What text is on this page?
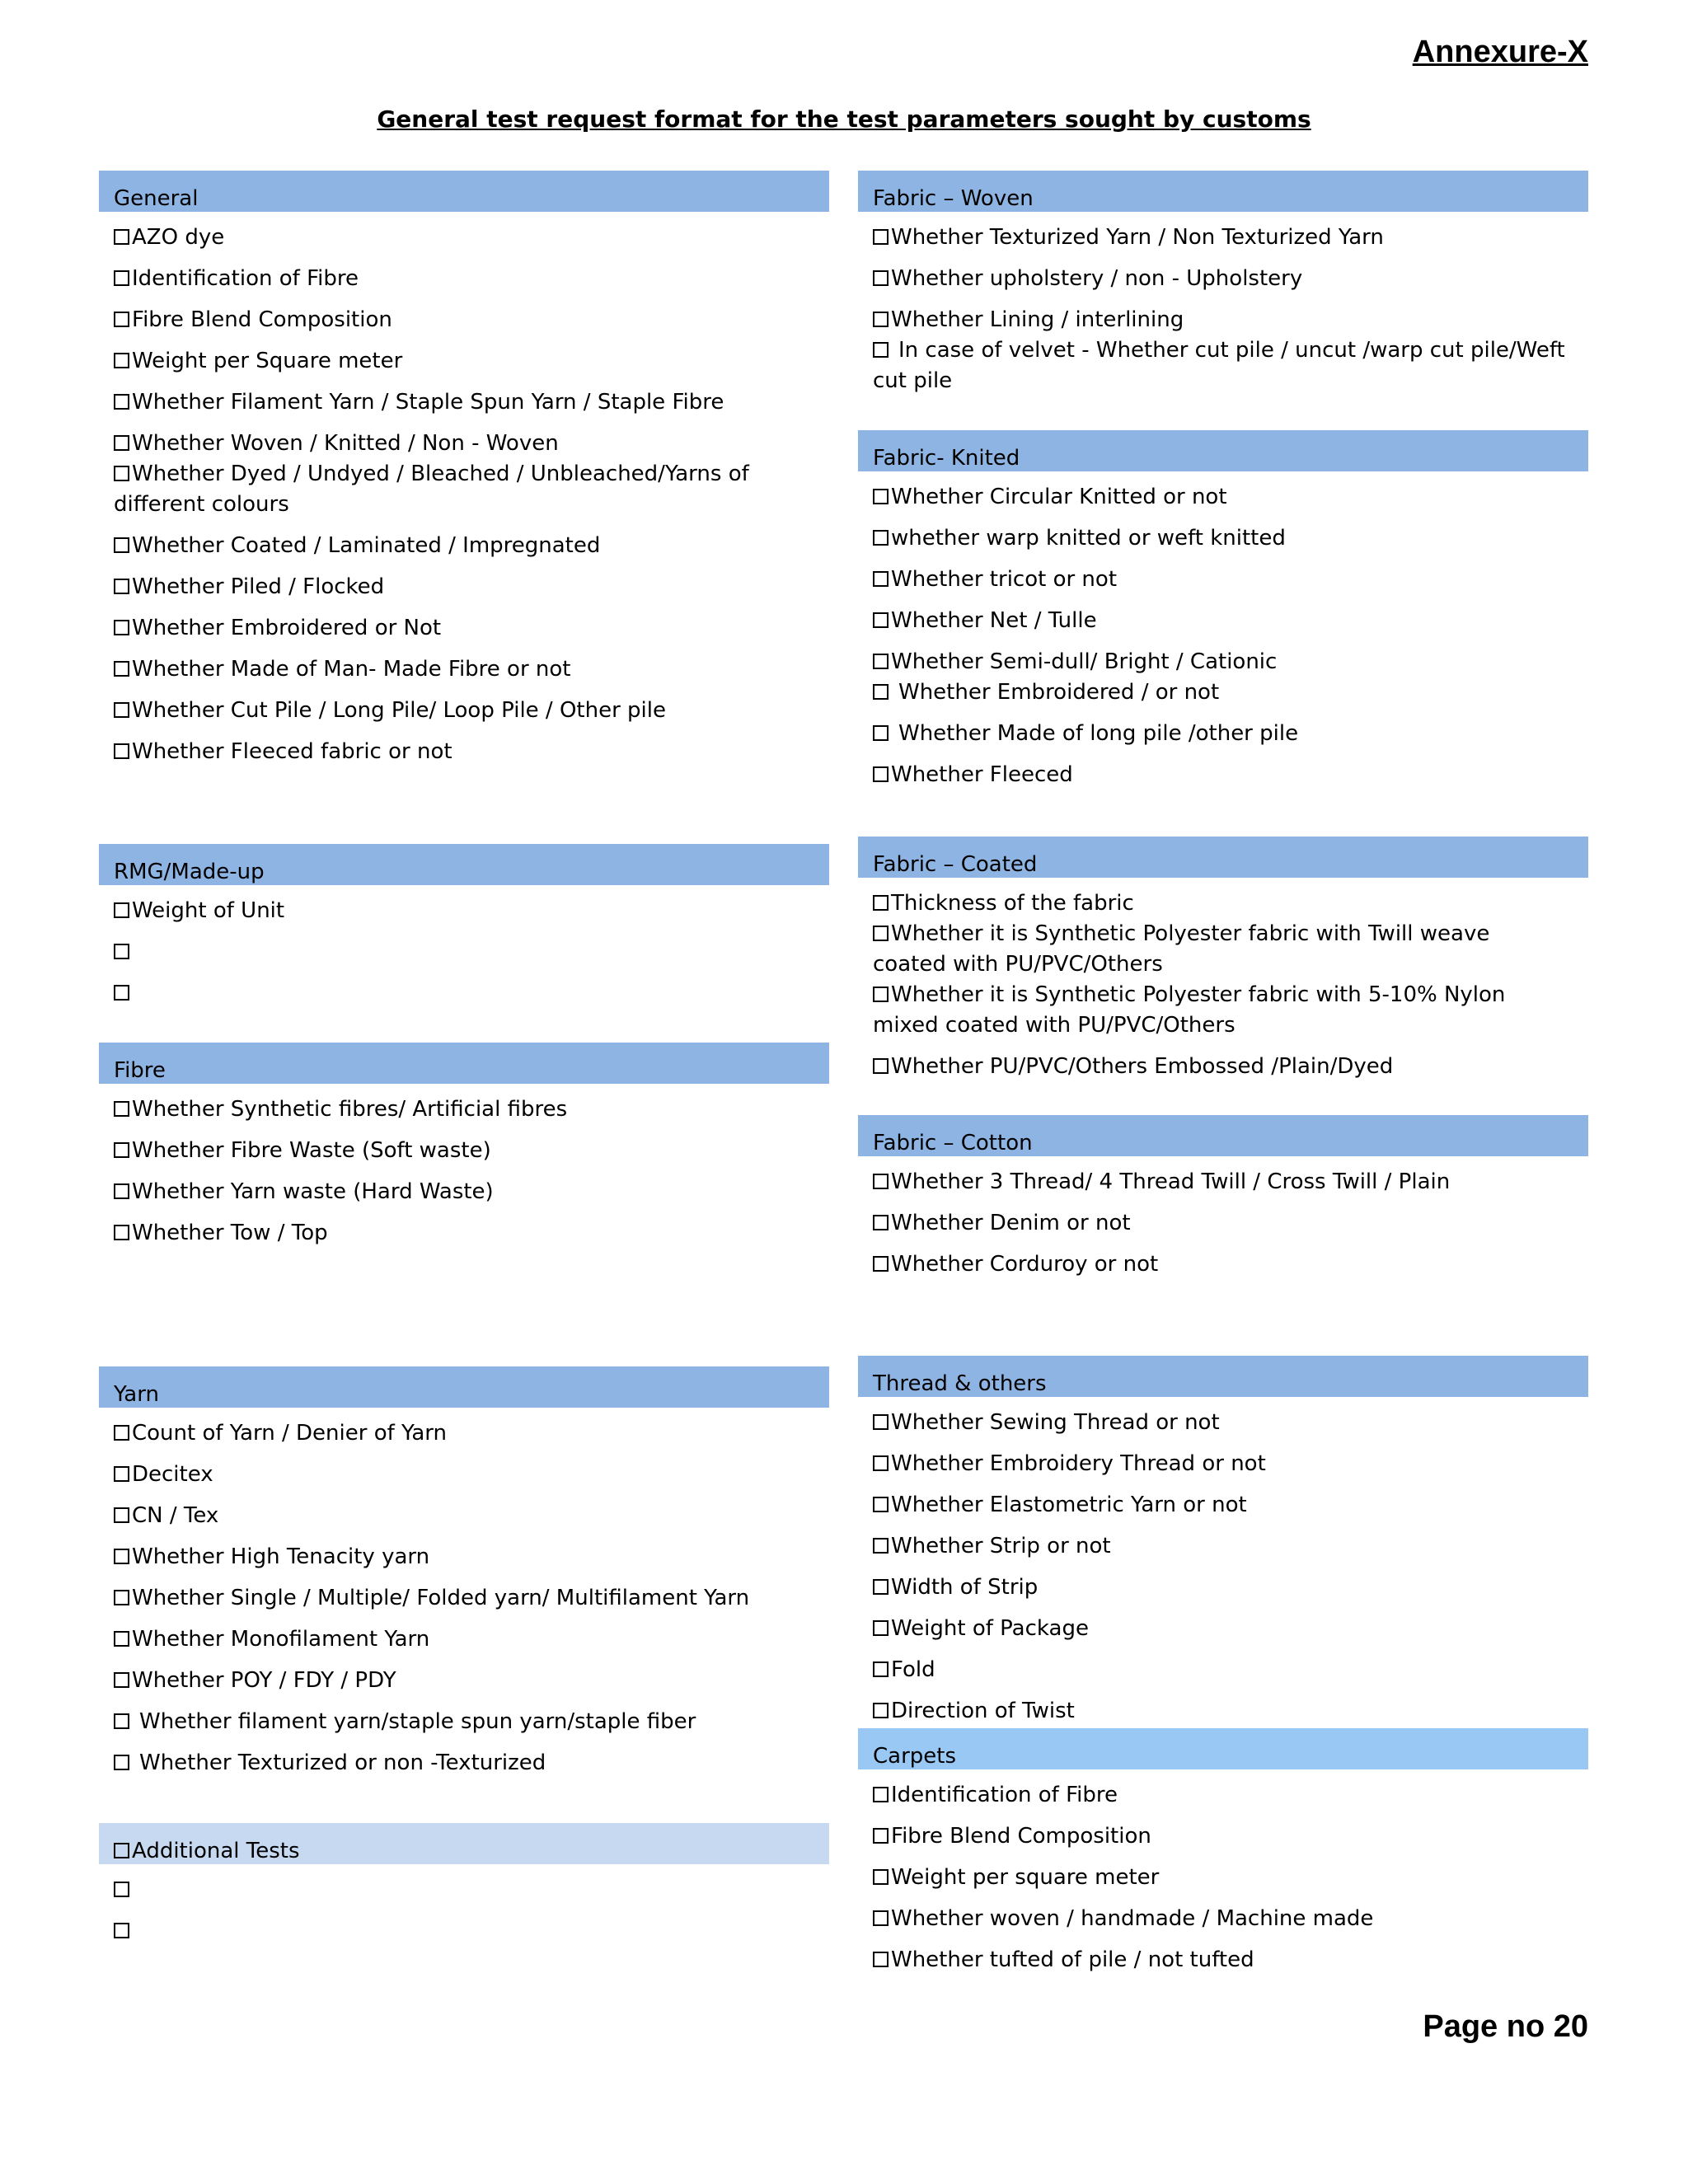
Annexure-X
General test request format for the test parameters sought by customs
General
AZO dye
Identification of Fibre
Fibre Blend Composition
Weight per Square meter
Whether Filament Yarn / Staple Spun Yarn / Staple Fibre
Whether Woven / Knitted / Non - Woven
Whether Dyed / Undyed / Bleached / Unbleached/Yarns of different colours
Whether Coated / Laminated / Impregnated
Whether Piled / Flocked
Whether Embroidered or Not
Whether Made of Man- Made Fibre or not
Whether Cut Pile / Long Pile/ Loop Pile / Other pile
Whether Fleeced fabric or not
RMG/Made-up
Weight of Unit
Fibre
Whether Synthetic fibres/ Artificial fibres
Whether Fibre Waste (Soft waste)
Whether Yarn waste (Hard Waste)
Whether Tow / Top
Yarn
Count of Yarn / Denier of Yarn
Decitex
CN / Tex
Whether High Tenacity yarn
Whether Single / Multiple/ Folded yarn/ Multifilament Yarn
Whether Monofilament Yarn
Whether POY / FDY / PDY
Whether filament yarn/staple spun yarn/staple fiber
Whether Texturized or non -Texturized
Additional Tests
Fabric – Woven
Whether Texturized Yarn / Non Texturized Yarn
Whether upholstery / non - Upholstery
Whether Lining / interlining
In case of velvet - Whether cut pile / uncut /warp cut pile/Weft cut pile
Fabric- Knited
Whether Circular Knitted or not
whether warp knitted or weft knitted
Whether tricot or not
Whether Net / Tulle
Whether Semi-dull/ Bright / Cationic
Whether Embroidered / or not
Whether Made of long pile /other pile
Whether Fleeced
Fabric – Coated
Thickness of the fabric
Whether it is Synthetic Polyester fabric with Twill weave coated with PU/PVC/Others
Whether it is Synthetic Polyester fabric with 5-10% Nylon mixed coated with PU/PVC/Others
Whether PU/PVC/Others Embossed /Plain/Dyed
Fabric – Cotton
Whether 3 Thread/ 4 Thread Twill / Cross Twill / Plain
Whether Denim or not
Whether Corduroy or not
Thread & others
Whether Sewing Thread or not
Whether Embroidery Thread or not
Whether Elastometric Yarn or not
Whether Strip or not
Width of Strip
Weight of Package
Fold
Direction of Twist
Carpets
Identification of Fibre
Fibre Blend Composition
Weight per square meter
Whether woven / handmade / Machine made
Whether tufted of pile / not tufted

Page no 20
